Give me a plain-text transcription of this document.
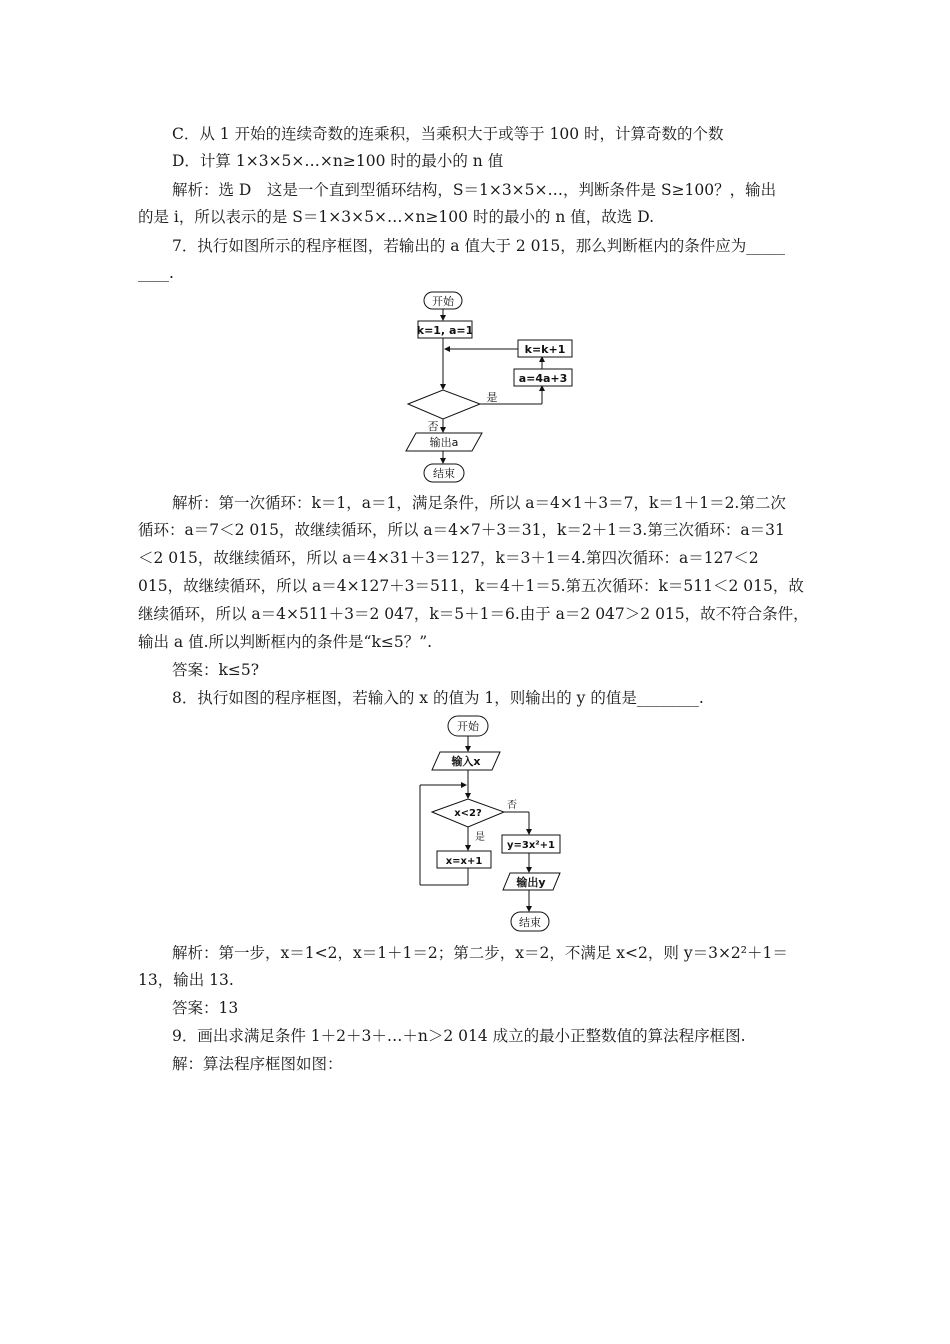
C．从 1 开始的连续奇数的连乘积，当乘积大于或等于 100 时，计算奇数的个数
D．计算 1×3×5×…×n≥100 时的最小的 n 值
解析：选 D　这是一个直到型循环结构，S＝1×3×5×…，判断条件是 S≥100？，输出
的是 i，所以表示的是 S＝1×3×5×…×n≥100 时的最小的 n 值，故选 D.
7．执行如图所示的程序框图，若输出的 a 值大于 2 015，那么判断框内的条件应为_____
____.
开始
k=1, a=1
k=k+1
a=4a+3
是
否
输出a
结束
解析：第一次循环：k＝1，a＝1，满足条件，所以 a＝4×1＋3＝7，k＝1＋1＝2.第二次
循环：a＝7＜2 015，故继续循环，所以 a＝4×7＋3＝31，k＝2＋1＝3.第三次循环：a＝31
＜2 015，故继续循环，所以 a＝4×31＋3＝127，k＝3＋1＝4.第四次循环：a＝127＜2
015，故继续循环，所以 a＝4×127＋3＝511，k＝4＋1＝5.第五次循环：k＝511＜2 015，故
继续循环，所以 a＝4×511＋3＝2 047，k＝5＋1＝6.由于 a＝2 047＞2 015，故不符合条件，
输出 a 值.所以判断框内的条件是“k≤5？”.
答案：k≤5?
8．执行如图的程序框图，若输入的 x 的值为 1，则输出的 y 的值是________.
开始
输入x
x<2?
否
是
y=3x²+1
x=x+1
输出y
结束
解析：第一步，x＝1<2，x＝1＋1＝2；第二步，x＝2，不满足 x<2，则 y＝3×2²＋1＝
13，输出 13.
答案：13
9．画出求满足条件 1＋2＋3＋…＋n＞2 014 成立的最小正整数值的算法程序框图.
解：算法程序框图如图：
